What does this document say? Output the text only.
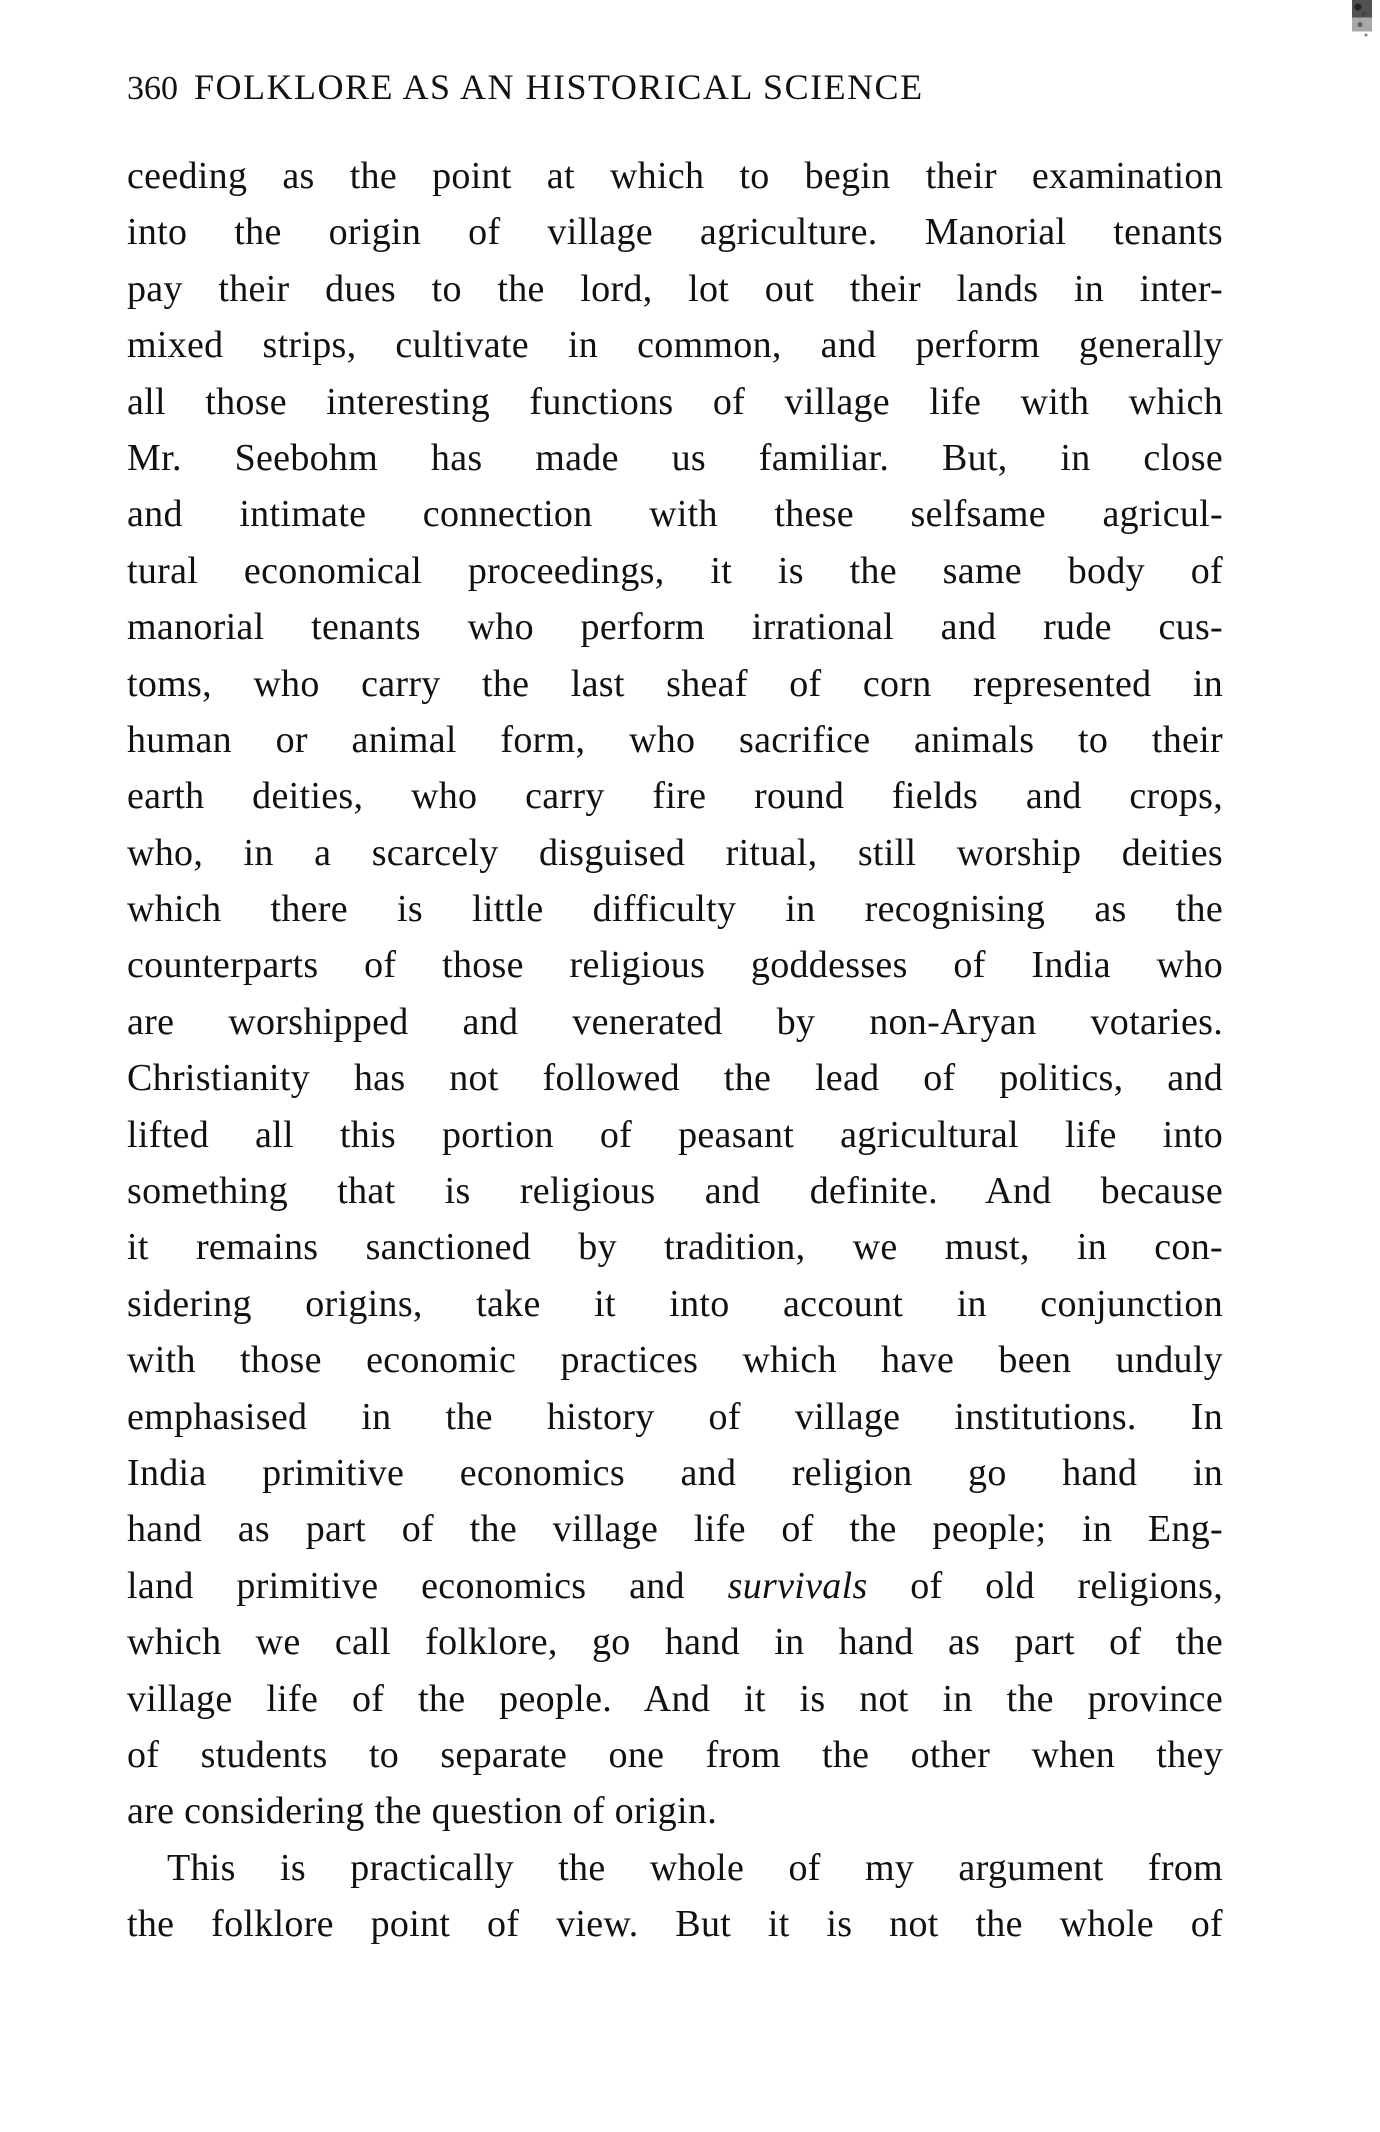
360 FOLKLORE AS AN HISTORICAL SCIENCE
ceeding as the point at which to begin their examination
into the origin of village agriculture. Manorial tenants
pay their dues to the lord, lot out their lands in inter-
mixed strips, cultivate in common, and perform generally
all those interesting functions of village life with which
Mr. Seebohm has made us familiar. But, in close
and intimate connection with these selfsame agricul-
tural economical proceedings, it is the same body of
manorial tenants who perform irrational and rude cus-
toms, who carry the last sheaf of corn represented in
human or animal form, who sacrifice animals to their
earth deities, who carry fire round fields and crops,
who, in a scarcely disguised ritual, still worship deities
which there is little difficulty in recognising as the
counterparts of those religious goddesses of India who
are worshipped and venerated by non-Aryan votaries.
Christianity has not followed the lead of politics, and
lifted all this portion of peasant agricultural life into
something that is religious and definite. And because
it remains sanctioned by tradition, we must, in con-
sidering origins, take it into account in conjunction
with those economic practices which have been unduly
emphasised in the history of village institutions. In
India primitive economics and religion go hand in
hand as part of the village life of the people; in Eng-
land primitive economics and survivals of old religions,
which we call folklore, go hand in hand as part of the
village life of the people. And it is not in the province
of students to separate one from the other when they
are considering the question of origin.
This is practically the whole of my argument from
the folklore point of view. But it is not the whole of
